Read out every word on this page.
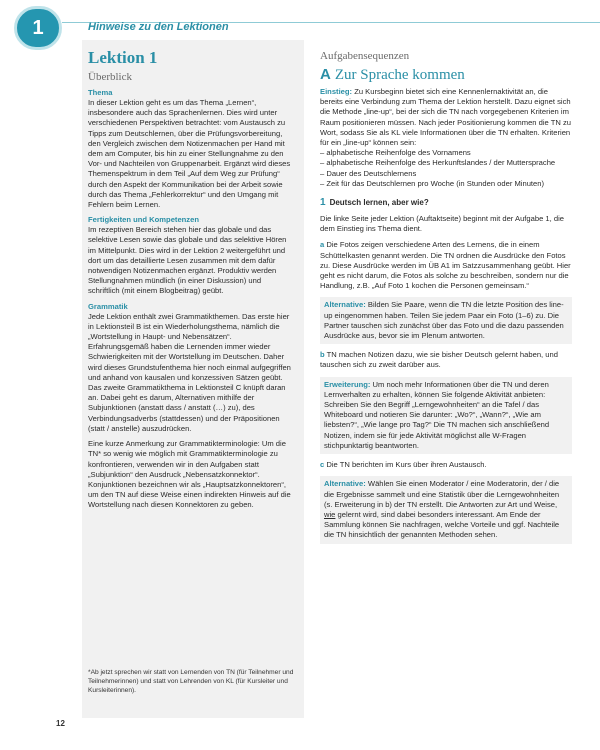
1	Hinweise zu den Lektionen
Lektion 1
Überblick
Thema

In dieser Lektion geht es um das Thema „Lernen“, insbesondere auch das Sprachenlernen. Dies wird unter verschiedenen Perspektiven betrachtet: vom Austausch zu Tipps zum Deutschlernen, über die Prüfungsvorbereitung, den Vergleich zwischen dem Notizenmachen per Hand mit dem am Computer, bis hin zu einer Stellungnahme zu den Vor- und Nachteilen von Gruppenarbeit. Ergänzt wird dieses Themenspektrum in dem Teil „Auf dem Weg zur Prüfung“ durch den Aspekt der Kommunikation bei der Arbeit sowie durch das Thema „Fehlerkorrektur“ und den Umgang mit Fehlern beim Lernen.

Fertigkeiten und Kompetenzen

Im rezeptiven Bereich stehen hier das globale und das selektive Lesen sowie das globale und das selektive Hören im Mittelpunkt. Dies wird in der Lektion 2 weitergeführt und dort um das detaillierte Lesen zusammen mit dem dafür notwendigen Notizenmachen ergänzt. Produktiv werden Stellungnahmen mündlich (in einer Diskussion) und schriftlich (mit einem Blogbeitrag) geübt.

Grammatik

Jede Lektion enthält zwei Grammatikthemen. Das erste hier in Lektionsteil B ist ein Wiederholungsthema, nämlich die „Wortstellung in Haupt- und Nebensätzen“. Erfahrungsgemäß haben die Lernenden immer wieder Schwierigkeiten mit der Wortstellung im Deutschen. Daher wird dieses Grundstufenthema hier noch einmal aufgegriffen und anhand von kausalen und konzessiven Sätzen geübt. Das zweite Grammatikthema in Lektionsteil C knüpft daran an. Dabei geht es darum, Alternativen mithilfe der Subjunktionen (anstatt dass / anstatt (…) zu), des Verbindungsadverbs (stattdessen) und der Präpositionen (statt / anstelle) auszudrücken.

Eine kurze Anmerkung zur Grammatikterminologie: Um die TN* so wenig wie möglich mit Grammatikterminologie zu konfrontieren, verwenden wir in den Aufgaben statt „Subjunktion“ den Ausdruck „Nebensatzkonnektor“. Konjunktionen bezeichnen wir als „Hauptsatzkonnektoren“, um den TN auf diese Weise einen indirekten Hinweis auf die Wortstellung nach diesen Konnektoren zu geben.

*Ab jetzt sprechen wir statt von Lernenden von TN (für Teilnehmer und Teilnehmerinnen) und statt von Lehrenden von KL (für Kursleiter und Kursleiterinnen).

12
Aufgabensequenzen
A Zur Sprache kommen

Einstieg: Zu Kursbeginn bietet sich eine Kennenlernaktivität an, die bereits eine Verbindung zum Thema der Lektion herstellt. Dazu eignet sich die Methode „line-up“, bei der sich die TN nach vorgegebenen Kriterien im Raum positionieren müssen. Nach jeder Positionierung kommen die TN zu Wort, sodass Sie als KL viele Informationen über die TN erhalten. Kriterien für ein „line-up“ können sein:

– alphabetische Reihenfolge des Vornamens
– alphabetische Reihenfolge des Herkunftslandes / der Muttersprache
– Dauer des Deutschlernens
– Zeit für das Deutschlernen pro Woche (in Stunden oder Minuten)
1 Deutsch lernen, aber wie?

Die linke Seite jeder Lektion (Auftaktseite) beginnt mit der Aufgabe 1, die dem Einstieg ins Thema dient.

a Die Fotos zeigen verschiedene Arten des Lernens, die in einem Schüttelkasten genannt werden. Die TN ordnen die Ausdrücke den Fotos zu. Diese Ausdrücke werden im ÜB A1 im Satzzusammenhang geübt. Hier geht es nicht darum, die Fotos als solche zu beschreiben, sondern nur die Handlung, z.B. „Auf Foto 1 kochen die Personen gemeinsam.“

Alternative: Bilden Sie Paare, wenn die TN die letzte Position des line-up eingenommen haben. Teilen Sie jedem Paar ein Foto (1–6) zu. Die Partner tauschen sich zunächst über das Foto und die dazu passenden Ausdrücke aus, bevor sie im Plenum antworten.

b TN machen Notizen dazu, wie sie bisher Deutsch gelernt haben, und tauschen sich zu zweit darüber aus.

Erweiterung: Um noch mehr Informationen über die TN und deren Lernverhalten zu erhalten, können Sie folgende Aktivität anbieten: Schreiben Sie den Begriff „Lerngewohnheiten“ an die Tafel / das Whiteboard und notieren Sie darunter: „Wo?“, „Wann?“, „Wie am liebsten?“, „Wie lange pro Tag?“ Die TN machen sich anschließend Notizen, indem sie für jede Aktivität möglichst alle W-Fragen stichpunktartig beantworten.

c Die TN berichten im Kurs über ihren Austausch.

Alternative: Wählen Sie einen Moderator / eine Moderatorin, der / die die Ergebnisse sammelt und eine Statistik über die Lerngewohnheiten (s. Erweiterung in b) der TN erstellt. Die Antworten zur Art und Weise, wie gelernt wird, sind dabei besonders interessant. Am Ende der Sammlung können Sie nachfragen, welche Vorteile und ggf. Nachteile die TN hinsichtlich der genannten Methoden sehen.
